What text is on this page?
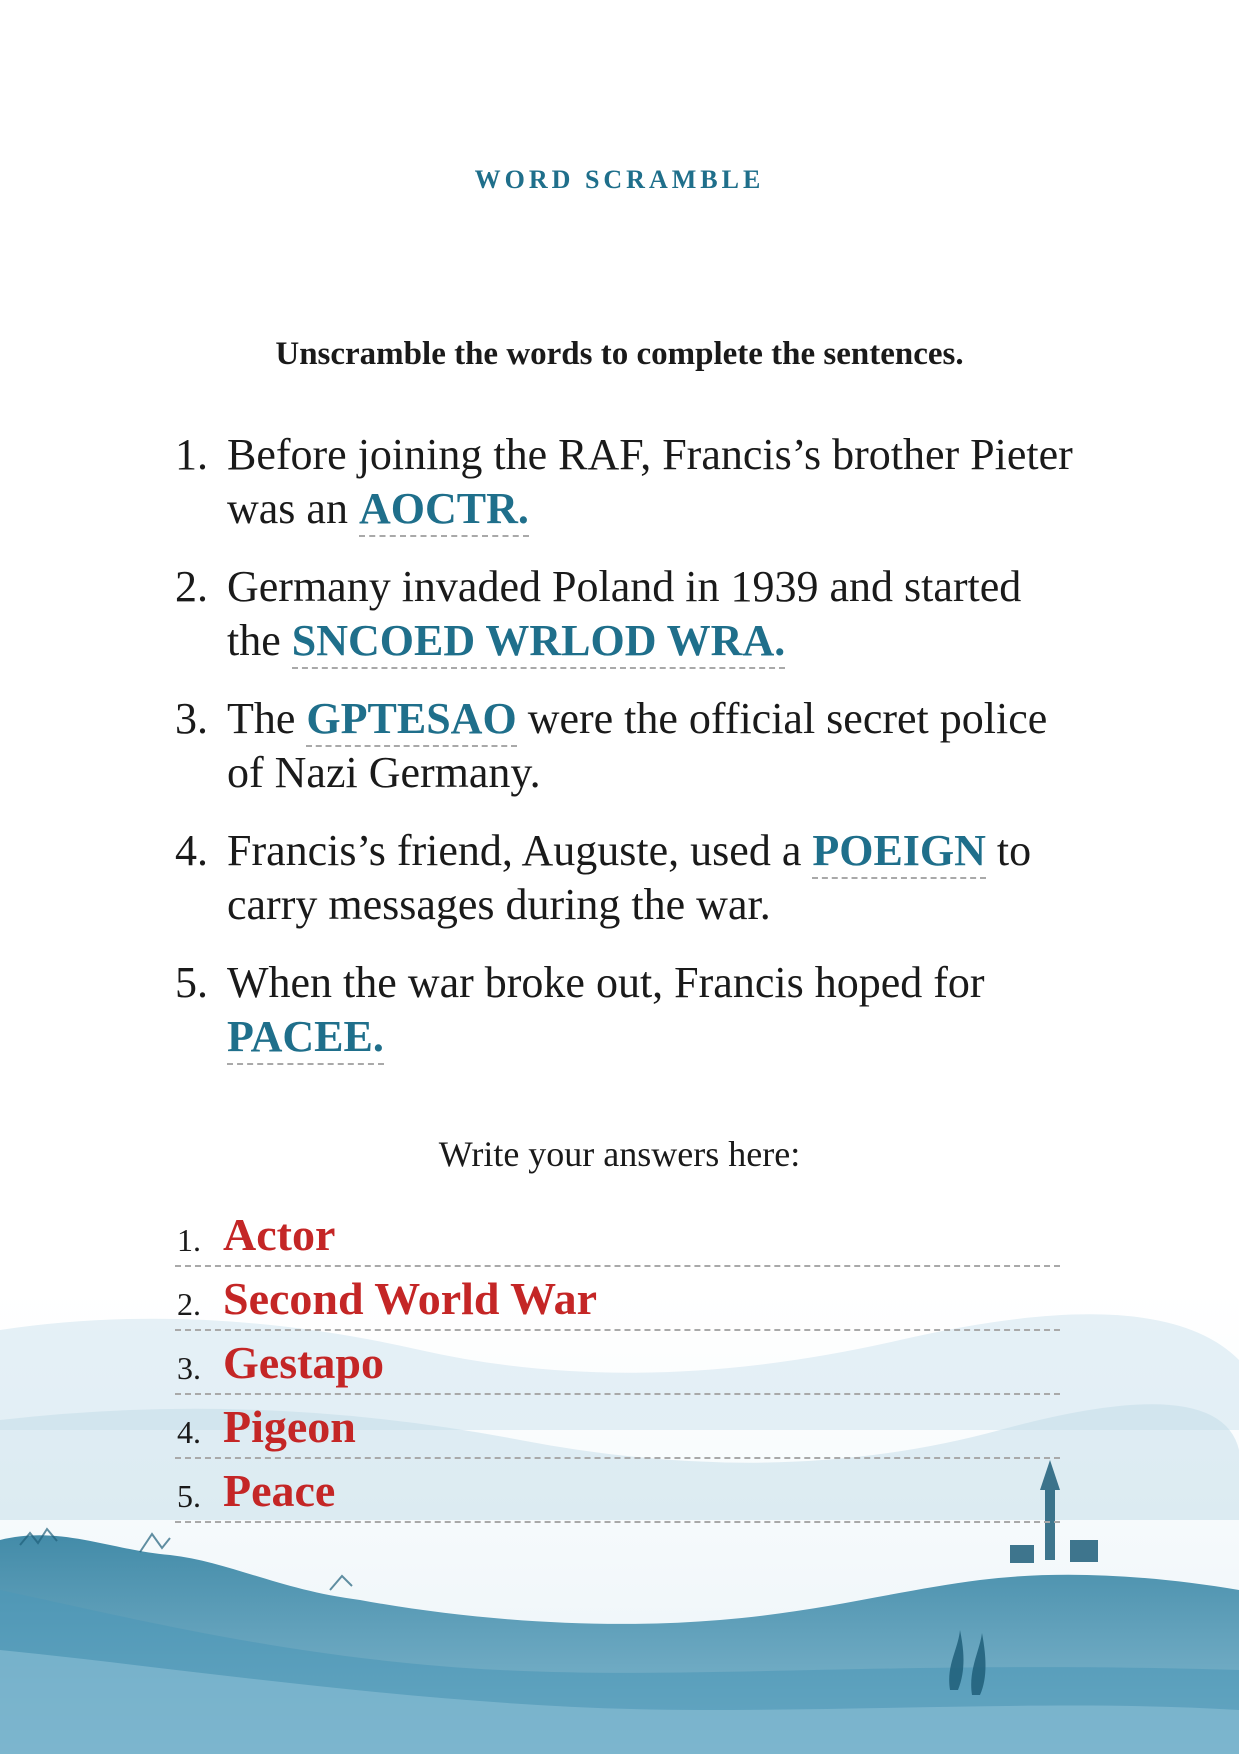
WORD SCRAMBLE
Unscramble the words to complete the sentences.
1. Before joining the RAF, Francis’s brother Pieter was an AOCTR.
2. Germany invaded Poland in 1939 and started the SNCOED WRLOD WRA.
3. The GPTESAO were the official secret police of Nazi Germany.
4. Francis’s friend, Auguste, used a POEIGN to carry messages during the war.
5. When the war broke out, Francis hoped for PACEE.
Write your answers here:
1. Actor
2. Second World War
3. Gestapo
4. Pigeon
5. Peace
